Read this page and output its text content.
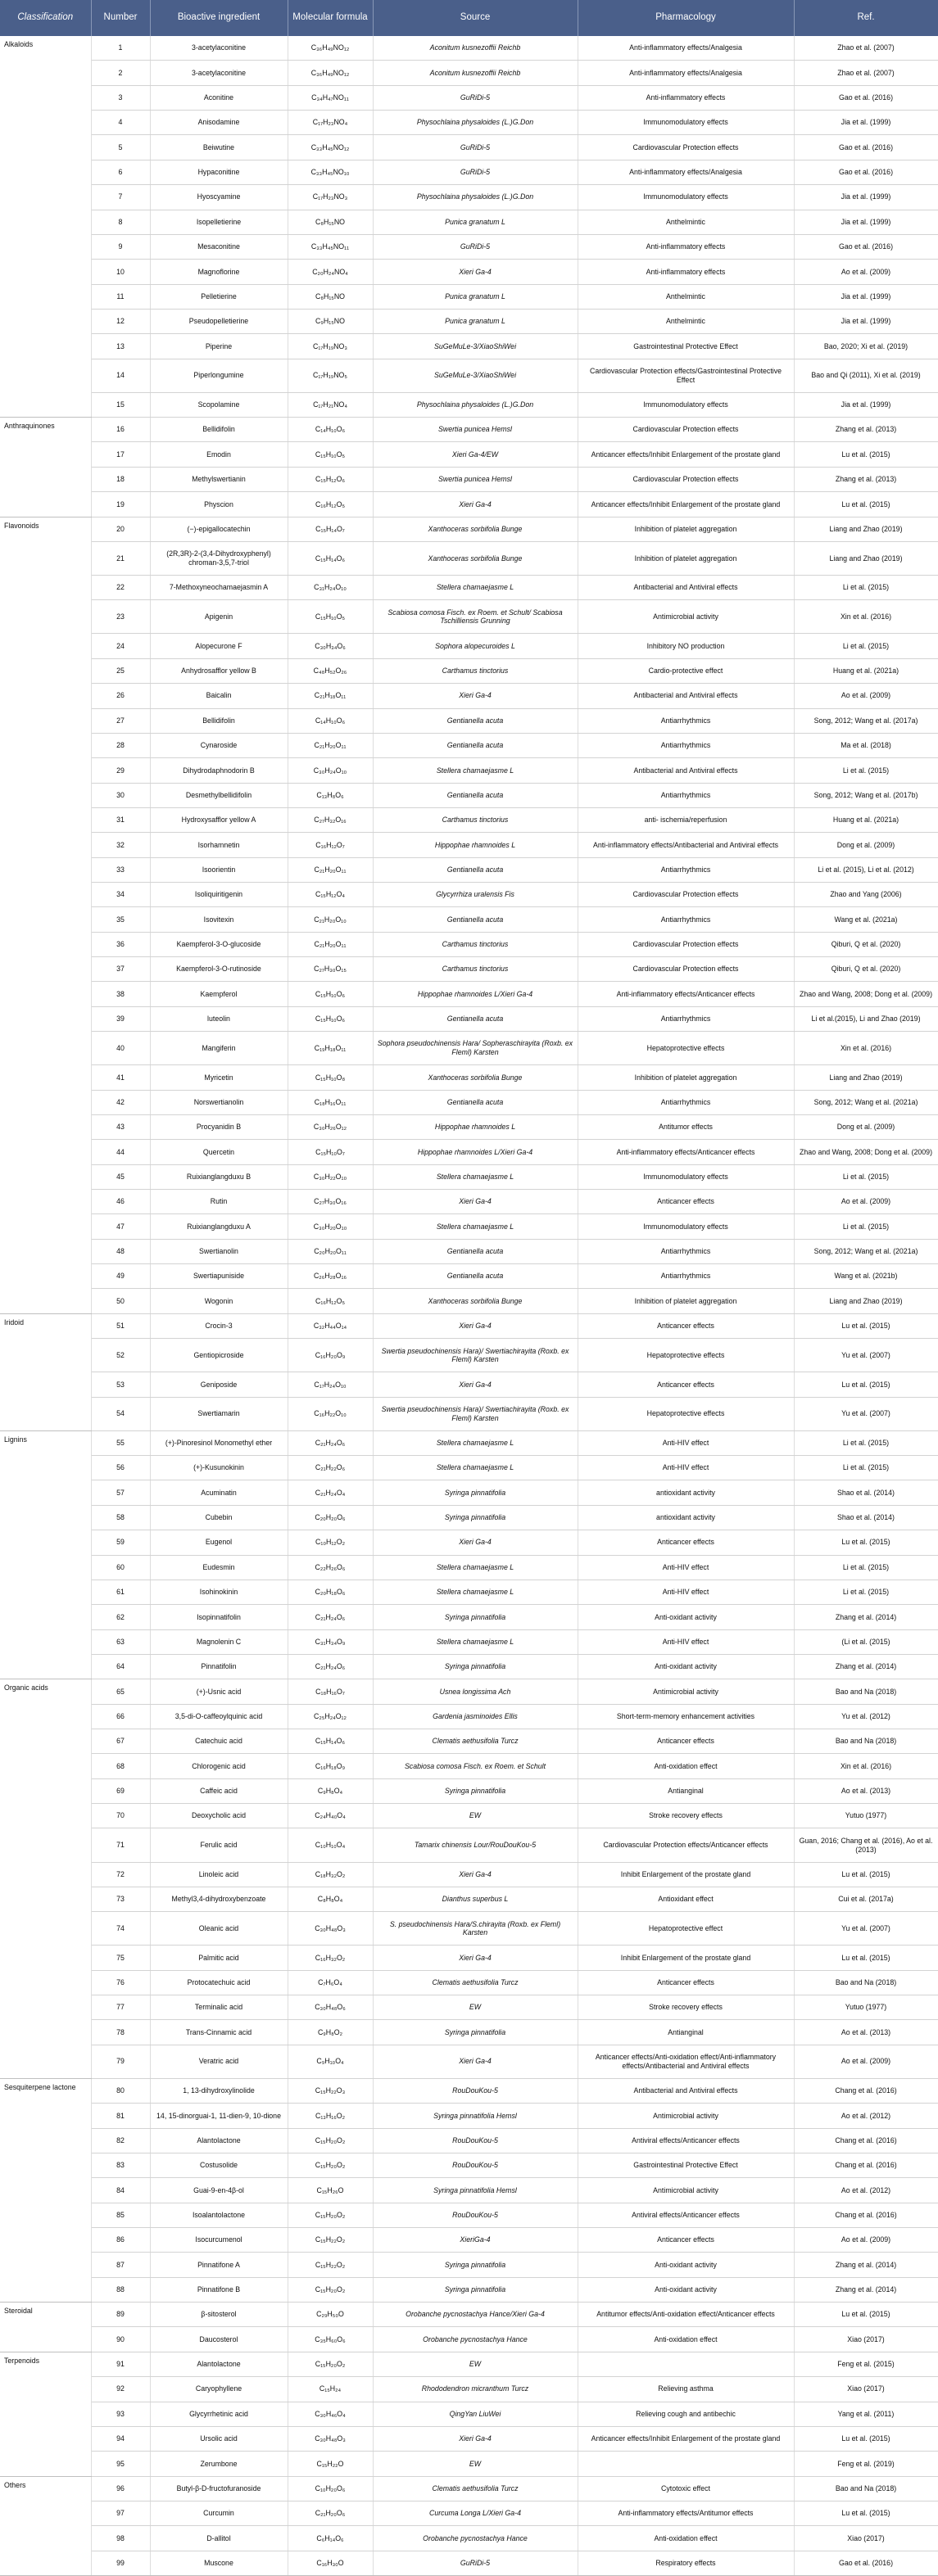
Classification	Number	Bioactive ingredient	Molecular formula	Source	Pharmacology	Ref.
Alkaloids	1	3-acetylaconitine	C₃₆H₄₉NO₁₂	Aconitum kusnezoffii Reichb	Anti-inflammatory effects/Analgesia	Zhao et al. (2007)
	2	3-acetylaconitine	C₃₆H₄₉NO₁₂	Aconitum kusnezoffii Reichb	Anti-inflammatory effects/Analgesia	Zhao et al. (2007)
	3	Aconitine	C₃₄H₄₇NO₁₁	GuRiDi-5	Anti-inflammatory effects	Gao et al. (2016)
	4	Anisodamine	C₁₇H₂₃NO₄	Physochlaina physaloides (L.)G.Don	Immunomodulatory effects	Jia et al. (1999)
	5	Beiwutine	C₃₃H₄₅NO₁₂	GuRiDi-5	Cardiovascular Protection effects	Gao et al. (2016)
	6	Hypaconitine	C₃₃H₄₅NO₁₀	GuRiDi-5	Anti-inflammatory effects/Analgesia	Gao et al. (2016)
	7	Hyoscyamine	C₁₇H₂₃NO₃	Physochlaina physaloides (L.)G.Don	Immunomodulatory effects	Jia et al. (1999)
	8	Isopelletierine	C₈H₁₅NO	Punica granatum L	Anthelmintic	Jia et al. (1999)
	9	Mesaconitine	C₃₃H₄₅NO₁₁	GuRiDi-5	Anti-inflammatory effects	Gao et al. (2016)
	10	Magnoflorine	C₂₀H₂₄NO₄	Xieri Ga-4	Anti-inflammatory effects	Ao et al. (2009)
	11	Pelletierine	C₈H₁₅NO	Punica granatum L	Anthelmintic	Jia et al. (1999)
	12	Pseudopelletierine	C₉H₁₅NO	Punica granatum L	Anthelmintic	Jia et al. (1999)
	13	Piperine	C₁₇H₁₉NO₃	SuGeMuLe-3/XiaoShiWei	Gastrointestinal Protective Effect	Bao, 2020; Xi et al. (2019)
	14	Piperlongumine	C₁₇H₁₉NO₅	SuGeMuLe-3/XiaoShiWei	Cardiovascular Protection effects/Gastrointestinal Protective Effect	Bao and Qi (2011), Xi et al. (2019)
	15	Scopolamine	C₁₇H₂₁NO₄	Physochlaina physaloides (L.)G.Don	Immunomodulatory effects	Jia et al. (1999)
Anthraquinones	16	Bellidifolin	C₁₄H₁₀O₆	Swertia punicea Hemsl	Cardiovascular Protection effects	Zhang et al. (2013)
	17	Emodin	C₁₅H₁₀O₅	Xieri Ga-4/EW	Anticancer effects/Inhibit Enlargement of the prostate gland	Lu et al. (2015)
	18	Methylswertianin	C₁₅H₁₂O₆	Swertia punicea Hemsl	Cardiovascular Protection effects	Zhang et al. (2013)
	19	Physcion	C₁₆H₁₂O₅	Xieri Ga-4	Anticancer effects/Inhibit Enlargement of the prostate gland	Lu et al. (2015)
Flavonoids	20	(−)-epigallocatechin	C₁₅H₁₄O₇	Xanthoceras sorbifolia Bunge	Inhibition of platelet aggregation	Liang and Zhao (2019)
	21	(2R,3R)-2-(3,4-Dihydroxyphenyl) chroman-3,5,7-triol	C₁₅H₁₄O₆	Xanthoceras sorbifolia Bunge	Inhibition of platelet aggregation	Liang and Zhao (2019)
	22	7-Methoxyneochamaejasmin A	C₃₁H₂₄O₁₀	Stellera chamaejasme L	Antibacterial and Antiviral effects	Li et al. (2015)
	23	Apigenin	C₁₅H₁₀O₅	Scabiosa comosa Fisch. ex Roem. et Schult/ Scabiosa Tschilliensis Grunning	Antimicrobial activity	Xin et al. (2016)
	24	Alopecurone F	C₃₀H₃₄O₆	Sophora alopecuroides L	Inhibitory NO production	Li et al. (2015)
	25	Anhydrosafflor yellow B	C₄₈H₅₂O₂₆	Carthamus tinctorius	Cardio-protective effect	Huang et al. (2021a)
	26	Baicalin	C₂₁H₁₈O₁₁	Xieri Ga-4	Antibacterial and Antiviral effects	Ao et al. (2009)
	27	Bellidifolin	C₁₄H₁₀O₆	Gentianella acuta	Antiarrhythmics	Song, 2012; Wang et al. (2017a)
	28	Cynaroside	C₂₁H₂₀O₁₁	Gentianella acuta	Antiarrhythmics	Ma et al. (2018)
	29	Dihydrodaphnodorin B	C₃₀H₂₄O₁₀	Stellera chamaejasme L	Antibacterial and Antiviral effects	Li et al. (2015)
	30	Desmethylbellidifolin	C₁₃H₈O₆	Gentianella acuta	Antiarrhythmics	Song, 2012; Wang et al. (2017b)
	31	Hydroxysafflor yellow A	C₂₇H₃₂O₁₆	Carthamus tinctorius	anti- ischemia/reperfusion	Huang et al. (2021a)
	32	Isorhamnetin	C₁₆H₁₂O₇	Hippophae rhamnoides L	Anti-inflammatory effects/Antibacterial and Antiviral effects	Dong et al. (2009)
	33	Isoorientin	C₂₁H₂₀O₁₁	Gentianella acuta	Antiarrhythmics	Li et al. (2015), Li et al. (2012)
	34	Isoliquiritigenin	C₁₅H₁₂O₄	Glycyrrhiza uralensis Fis	Cardiovascular Protection effects	Zhao and Yang (2006)
	35	Isovitexin	C₂₁H₂₀O₁₀	Gentianella acuta	Antiarrhythmics	Wang et al. (2021a)
	36	Kaempferol-3-O-glucoside	C₂₁H₂₀O₁₁	Carthamus tinctorius	Cardiovascular Protection effects	Qiburi, Q et al. (2020)
	37	Kaempferol-3-O-rutinoside	C₂₇H₃₀O₁₅	Carthamus tinctorius	Cardiovascular Protection effects	Qiburi, Q et al. (2020)
	38	Kaempferol	C₁₅H₁₀O₆	Hippophae rhamnoides L/Xieri Ga-4	Anti-inflammatory effects/Anticancer effects	Zhao and Wang, 2008; Dong et al. (2009)
	39	luteolin	C₁₅H₁₀O₆	Gentianella acuta	Antiarrhythmics	Li et al.(2015), Li and Zhao (2019)
	40	Mangiferin	C₁₉H₁₈O₁₁	Sophora pseudochinensis Hara/ Sopheraschirayita (Roxb. ex Fleml) Karsten	Hepatoprotective effects	Xin et al. (2016)
	41	Myricetin	C₁₅H₁₀O₈	Xanthoceras sorbifolia Bunge	Inhibition of platelet aggregation	Liang and Zhao (2019)
	42	Norswertianolin	C₁₈H₁₆O₁₁	Gentianella acuta	Antiarrhythmics	Song, 2012; Wang et al. (2021a)
	43	Procyanidin B	C₃₀H₂₆O₁₂	Hippophae rhamnoides L	Antitumor effects	Dong et al. (2009)
	44	Quercetin	C₁₅H₁₀O₇	Hippophae rhamnoides L/Xieri Ga-4	Anti-inflammatory effects/Anticancer effects	Zhao and Wang, 2008; Dong et al. (2009)
	45	Ruixianglangduxu B	C₃₀H₂₂O₁₀	Stellera chamaejasme L	Immunomodulatory effects	Li et al. (2015)
	46	Rutin	C₂₇H₃₀O₁₆	Xieri Ga-4	Anticancer effects	Ao et al. (2009)
	47	Ruixianglangduxu A	C₃₀H₂₀O₁₀	Stellera chamaejasme L	Immunomodulatory effects	Li et al. (2015)
	48	Swertianolin	C₂₀H₂₀O₁₁	Gentianella acuta	Antiarrhythmics	Song, 2012; Wang et al. (2021a)
	49	Swertiapuniside	C₂₆H₂₈O₁₆	Gentianella acuta	Antiarrhythmics	Wang et al. (2021b)
	50	Wogonin	C₁₆H₁₂O₅	Xanthoceras sorbifolia Bunge	Inhibition of platelet aggregation	Liang and Zhao (2019)
Iridoid	51	Crocin-3	C₃₂H₄₄O₁₄	Xieri Ga-4	Anticancer effects	Lu et al. (2015)
	52	Gentiopicroside	C₁₆H₂₀O₉	Swertia pseudochinensis Hara)/ Swertiachirayita (Roxb. ex Fleml) Karsten	Hepatoprotective effects	Yu et al. (2007)
	53	Geniposide	C₁₇H₂₄O₁₀	Xieri Ga-4	Anticancer effects	Lu et al. (2015)
	54	Swertiamarin	C₁₆H₂₂O₁₀	Swertia pseudochinensis Hara)/ Swertiachirayita (Roxb. ex Fleml) Karsten	Hepatoprotective effects	Yu et al. (2007)
Lignins	55	(+)-Pinoresinol Monomethyl ether	C₂₁H₂₄O₆	Stellera chamaejasme L	Anti-HIV effect	Li et al. (2015)
	56	(+)-Kusunokinin	C₂₁H₂₂O₆	Stellera chamaejasme L	Anti-HIV effect	Li et al. (2015)
	57	Acuminatin	C₂₁H₂₄O₄	Syringa pinnatifolia	antioxidant activity	Shao et al. (2014)
	58	Cubebin	C₂₀H₂₀O₆	Syringa pinnatifolia	antioxidant activity	Shao et al. (2014)
	59	Eugenol	C₁₀H₁₂O₂	Xieri Ga-4	Anticancer effects	Lu et al. (2015)
	60	Eudesmin	C₂₂H₂₆O₆	Stellera chamaejasme L	Anti-HIV effect	Li et al. (2015)
	61	Isohinokinin	C₂₀H₁₈O₆	Stellera chamaejasme L	Anti-HIV effect	Li et al. (2015)
	62	Isopinnatifolin	C₂₁H₂₄O₆	Syringa pinnatifolia	Anti-oxidant activity	Zhang et al. (2014)
	63	Magnolenin C	C₃₁H₃₄O₉	Stellera chamaejasme L	Anti-HIV effect	(Li et al. (2015)
	64	Pinnatifolin	C₂₁H₂₄O₆	Syringa pinnatifolia	Anti-oxidant activity	Zhang et al. (2014)
Organic acids	65	(+)-Usnic acid	C₁₈H₁₆O₇	Usnea longissima Ach	Antimicrobial activity	Bao and Na (2018)
	66	3,5-di-O-caffeoylquinic acid	C₂₅H₂₄O₁₂	Gardenia jasminoides Ellis	Short-term-memory enhancement activities	Yu et al. (2012)
	67	Catechuic acid	C₁₅H₁₄O₆	Clematis aethusifolia Turcz	Anticancer effects	Bao and Na (2018)
	68	Chlorogenic acid	C₁₆H₁₈O₉	Scabiosa comosa Fisch. ex Roem. et Schult	Anti-oxidation effect	Xin et al. (2016)
	69	Caffeic acid	C₉H₈O₄	Syringa pinnatifolia	Antianginal	Ao et al. (2013)
	70	Deoxycholic acid	C₂₄H₄₀O₄	EW	Stroke recovery effects	Yutuo (1977)
	71	Ferulic acid	C₁₀H₁₀O₄	Tamarix chinensis Lour/RouDouKou-5	Cardiovascular Protection effects/Anticancer effects	Guan, 2016; Chang et al. (2016), Ao et al. (2013)
	72	Linoleic acid	C₁₈H₃₂O₂	Xieri Ga-4	Inhibit Enlargement of the prostate gland	Lu et al. (2015)
	73	Methyl3,4-dihydroxybenzoate	C₈H₈O₄	Dianthus superbus L	Antioxidant effect	Cui et al. (2017a)
	74	Oleanic acid	C₃₀H₄₈O₃	S. pseudochinensis Hara/S.chirayita (Roxb. ex Fleml) Karsten	Hepatoprotective effect	Yu et al. (2007)
	75	Palmitic acid	C₁₆H₃₂O₂	Xieri Ga-4	Inhibit Enlargement of the prostate gland	Lu et al. (2015)
	76	Protocatechuic acid	C₇H₆O₄	Clematis aethusifolia Turcz	Anticancer effects	Bao and Na (2018)
	77	Terminalic acid	C₃₀H₄₈O₆	EW	Stroke recovery effects	Yutuo (1977)
	78	Trans-Cinnamic acid	C₉H₈O₂	Syringa pinnatifolia	Antianginal	Ao et al. (2013)
	79	Veratric acid	C₉H₁₀O₄	Xieri Ga-4	Anticancer effects/Anti-oxidation effect/Anti-inflammatory effects/Antibacterial and Antiviral effects	Ao et al. (2009)
Sesquiterpene lactone	80	1, 13-dihydroxylinolide	C₁₅H₂₂O₃	RouDouKou-5	Antibacterial and Antiviral effects	Chang et al. (2016)
	81	14, 15-dinorguai-1, 11-dien-9, 10-dione	C₁₃H₁₆O₂	Syringa pinnatifolia Hemsl	Antimicrobial activity	Ao et al. (2012)
	82	Alantolactone	C₁₅H₂₀O₂	RouDouKou-5	Antiviral effects/Anticancer effects	Chang et al. (2016)
	83	Costusolide	C₁₅H₂₀O₂	RouDouKou-5	Gastrointestinal Protective Effect	Chang et al. (2016)
	84	Guai-9-en-4β-ol	C₁₅H₂₆O	Syringa pinnatifolia Hemsl	Antimicrobial activity	Ao et al. (2012)
	85	Isoalantolactone	C₁₅H₂₀O₂	RouDouKou-5	Antiviral effects/Anticancer effects	Chang et al. (2016)
	86	Isocurcumenol	C₁₅H₂₂O₂	XieriGa-4	Anticancer effects	Ao et al. (2009)
	87	Pinnatifone A	C₁₅H₂₂O₂	Syringa pinnatifolia	Anti-oxidant activity	Zhang et al. (2014)
	88	Pinnatifone B	C₁₅H₂₀O₂	Syringa pinnatifolia	Anti-oxidant activity	Zhang et al. (2014)
Steroidal	89	β-sitosterol	C₂₉H₅₀O	Orobanche pycnostachya Hance/Xieri Ga-4	Antitumor effects/Anti-oxidation effect/Anticancer effects	Lu et al. (2015)
	90	Daucosterol	C₃₅H₆₀O₆	Orobanche pycnostachya Hance	Anti-oxidation effect	Xiao (2017)
Terpenoids	91	Alantolactone	C₁₅H₂₀O₂	EW		Feng et al. (2015)
	92	Caryophyllene	C₁₅H₂₄	Rhododendron micranthum Turcz	Relieving asthma	Xiao (2017)
	93	Glycyrrhetinic acid	C₃₀H₄₆O₄	QingYan LiuWei	Relieving cough and antibechic	Yang et al. (2011)
	94	Ursolic acid	C₃₀H₄₈O₃	Xieri Ga-4	Anticancer effects/Inhibit Enlargement of the prostate gland	Lu et al. (2015)
	95	Zerumbone	C₁₅H₂₂O	EW		Feng et al. (2019)
Others	96	Butyl-β-D-fructofuranoside	C₁₀H₂₀O₆	Clematis aethusifolia Turcz	Cytotoxic effect	Bao and Na (2018)
	97	Curcumin	C₂₁H₂₀O₆	Curcuma Longa L/Xieri Ga-4	Anti-inflammatory effects/Antitumor effects	Lu et al. (2015)
	98	D-allitol	C₆H₁₄O₆	Orobanche pycnostachya Hance	Anti-oxidation effect	Xiao (2017)
	99	Muscone	C₁₆H₃₀O	GuRiDi-5	Respiratory effects	Gao et al. (2016)
